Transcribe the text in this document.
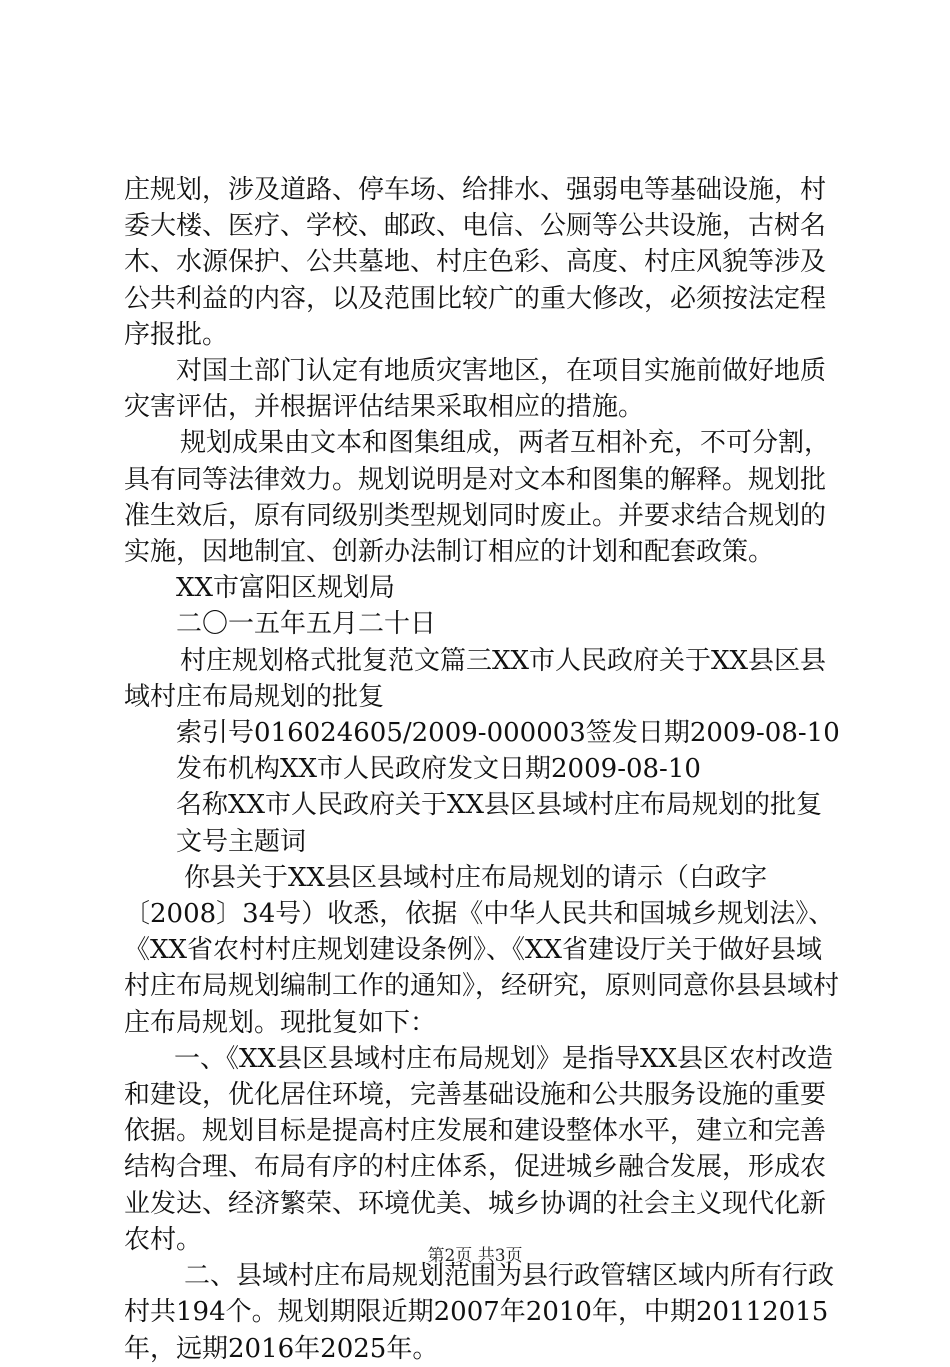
庄规划，涉及道路、停车场、给排水、强弱电等基础设施，村委大楼、医疗、学校、邮政、电信、公厕等公共设施，古树名木、水源保护、公共墓地、村庄色彩、高度、村庄风貌等涉及公共利益的内容，以及范围比较广的重大修改，必须按法定程序报批。

对国土部门认定有地质灾害地区，在项目实施前做好地质灾害评估，并根据评估结果采取相应的措施。

规划成果由文本和图集组成，两者互相补充，不可分割，具有同等法律效力。规划说明是对文本和图集的解释。规划批准生效后，原有同级别类型规划同时废止。并要求结合规划的实施，因地制宜、创新办法制订相应的计划和配套政策。

XX市富阳区规划局

二〇一五年五月二十日

村庄规划格式批复范文篇三XX市人民政府关于XX县区县域村庄布局规划的批复

索引号016024605/2009-000003签发日期2009-08-10

发布机构XX市人民政府发文日期2009-08-10

名称XX市人民政府关于XX县区县域村庄布局规划的批复

文号主题词

你县关于XX县区县域村庄布局规划的请示（白政字〔2008〕34号）收悉，依据《中华人民共和国城乡规划法》、《XX省农村村庄规划建设条例》、《XX省建设厅关于做好县域村庄布局规划编制工作的通知》，经研究，原则同意你县县域村庄布局规划。现批复如下：

一、《XX县区县域村庄布局规划》是指导XX县区农村改造和建设，优化居住环境，完善基础设施和公共服务设施的重要依据。规划目标是提高村庄发展和建设整体水平，建立和完善结构合理、布局有序的村庄体系，促进城乡融合发展，形成农业发达、经济繁荣、环境优美、城乡协调的社会主义现代化新农村。

二、县域村庄布局规划范围为县行政管辖区域内所有行政村共194个。规划期限近期2007年2010年，中期20112015年，远期2016年2025年。

第2页 共3页
